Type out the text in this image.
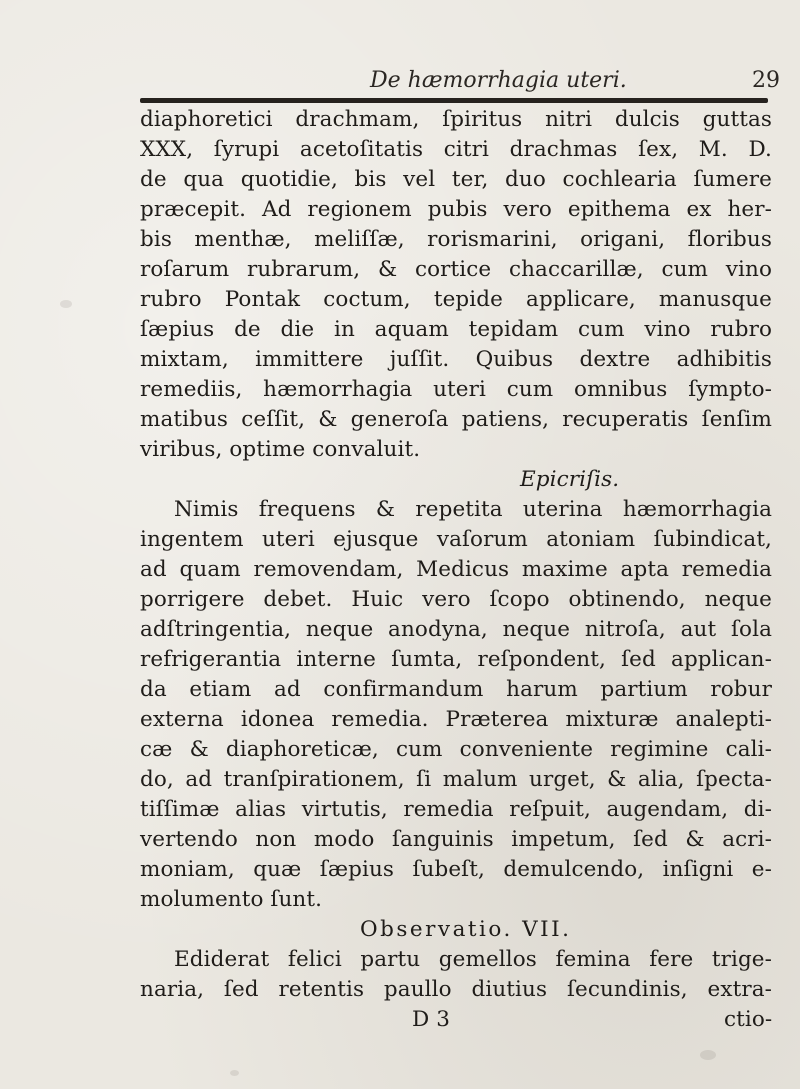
De hæmorrhagia uteri.	29
diaphoretici drachmam, ſpiritus nitri dulcis guttas
XXX, ſyrupi acetoſitatis citri drachmas ſex, M. D.
de qua quotidie, bis vel ter, duo cochlearia ſumere
præcepit. Ad regionem pubis vero epithema ex her-
bis menthæ, meliſſæ, rorismarini, origani, floribus
roſarum rubrarum, & cortice chaccarillæ, cum vino
rubro Pontak coctum, tepide applicare, manusque
ſæpius de die in aquam tepidam cum vino rubro
mixtam, immittere juſſit. Quibus dextre adhibitis
remediis, hæmorrhagia uteri cum omnibus ſympto-
matibus ceſſit, & generoſa patiens, recuperatis ſenſim
viribus, optime convaluit.
Epicriſis.
Nimis frequens & repetita uterina hæmorrhagia
ingentem uteri ejusque vaſorum atoniam ſubindicat,
ad quam removendam, Medicus maxime apta remedia
porrigere debet. Huic vero ſcopo obtinendo, neque
adſtringentia, neque anodyna, neque nitroſa, aut ſola
refrigerantia interne ſumta, reſpondent, ſed applican-
da etiam ad confirmandum harum partium robur
externa idonea remedia. Præterea mixturæ analepti-
cæ & diaphoreticæ, cum conveniente regimine cali-
do, ad tranſpirationem, ſi malum urget, & alia, ſpecta-
tiſſimæ alias virtutis, remedia reſpuit, augendam, di-
vertendo non modo ſanguinis impetum, ſed & acri-
moniam, quæ ſæpius ſubeſt, demulcendo, inſigni e-
molumento ſunt.
Observatio. VII.
Ediderat felici partu gemellos femina fere trige-
naria, ſed retentis paullo diutius ſecundinis, extra-
D 3	ctio-
